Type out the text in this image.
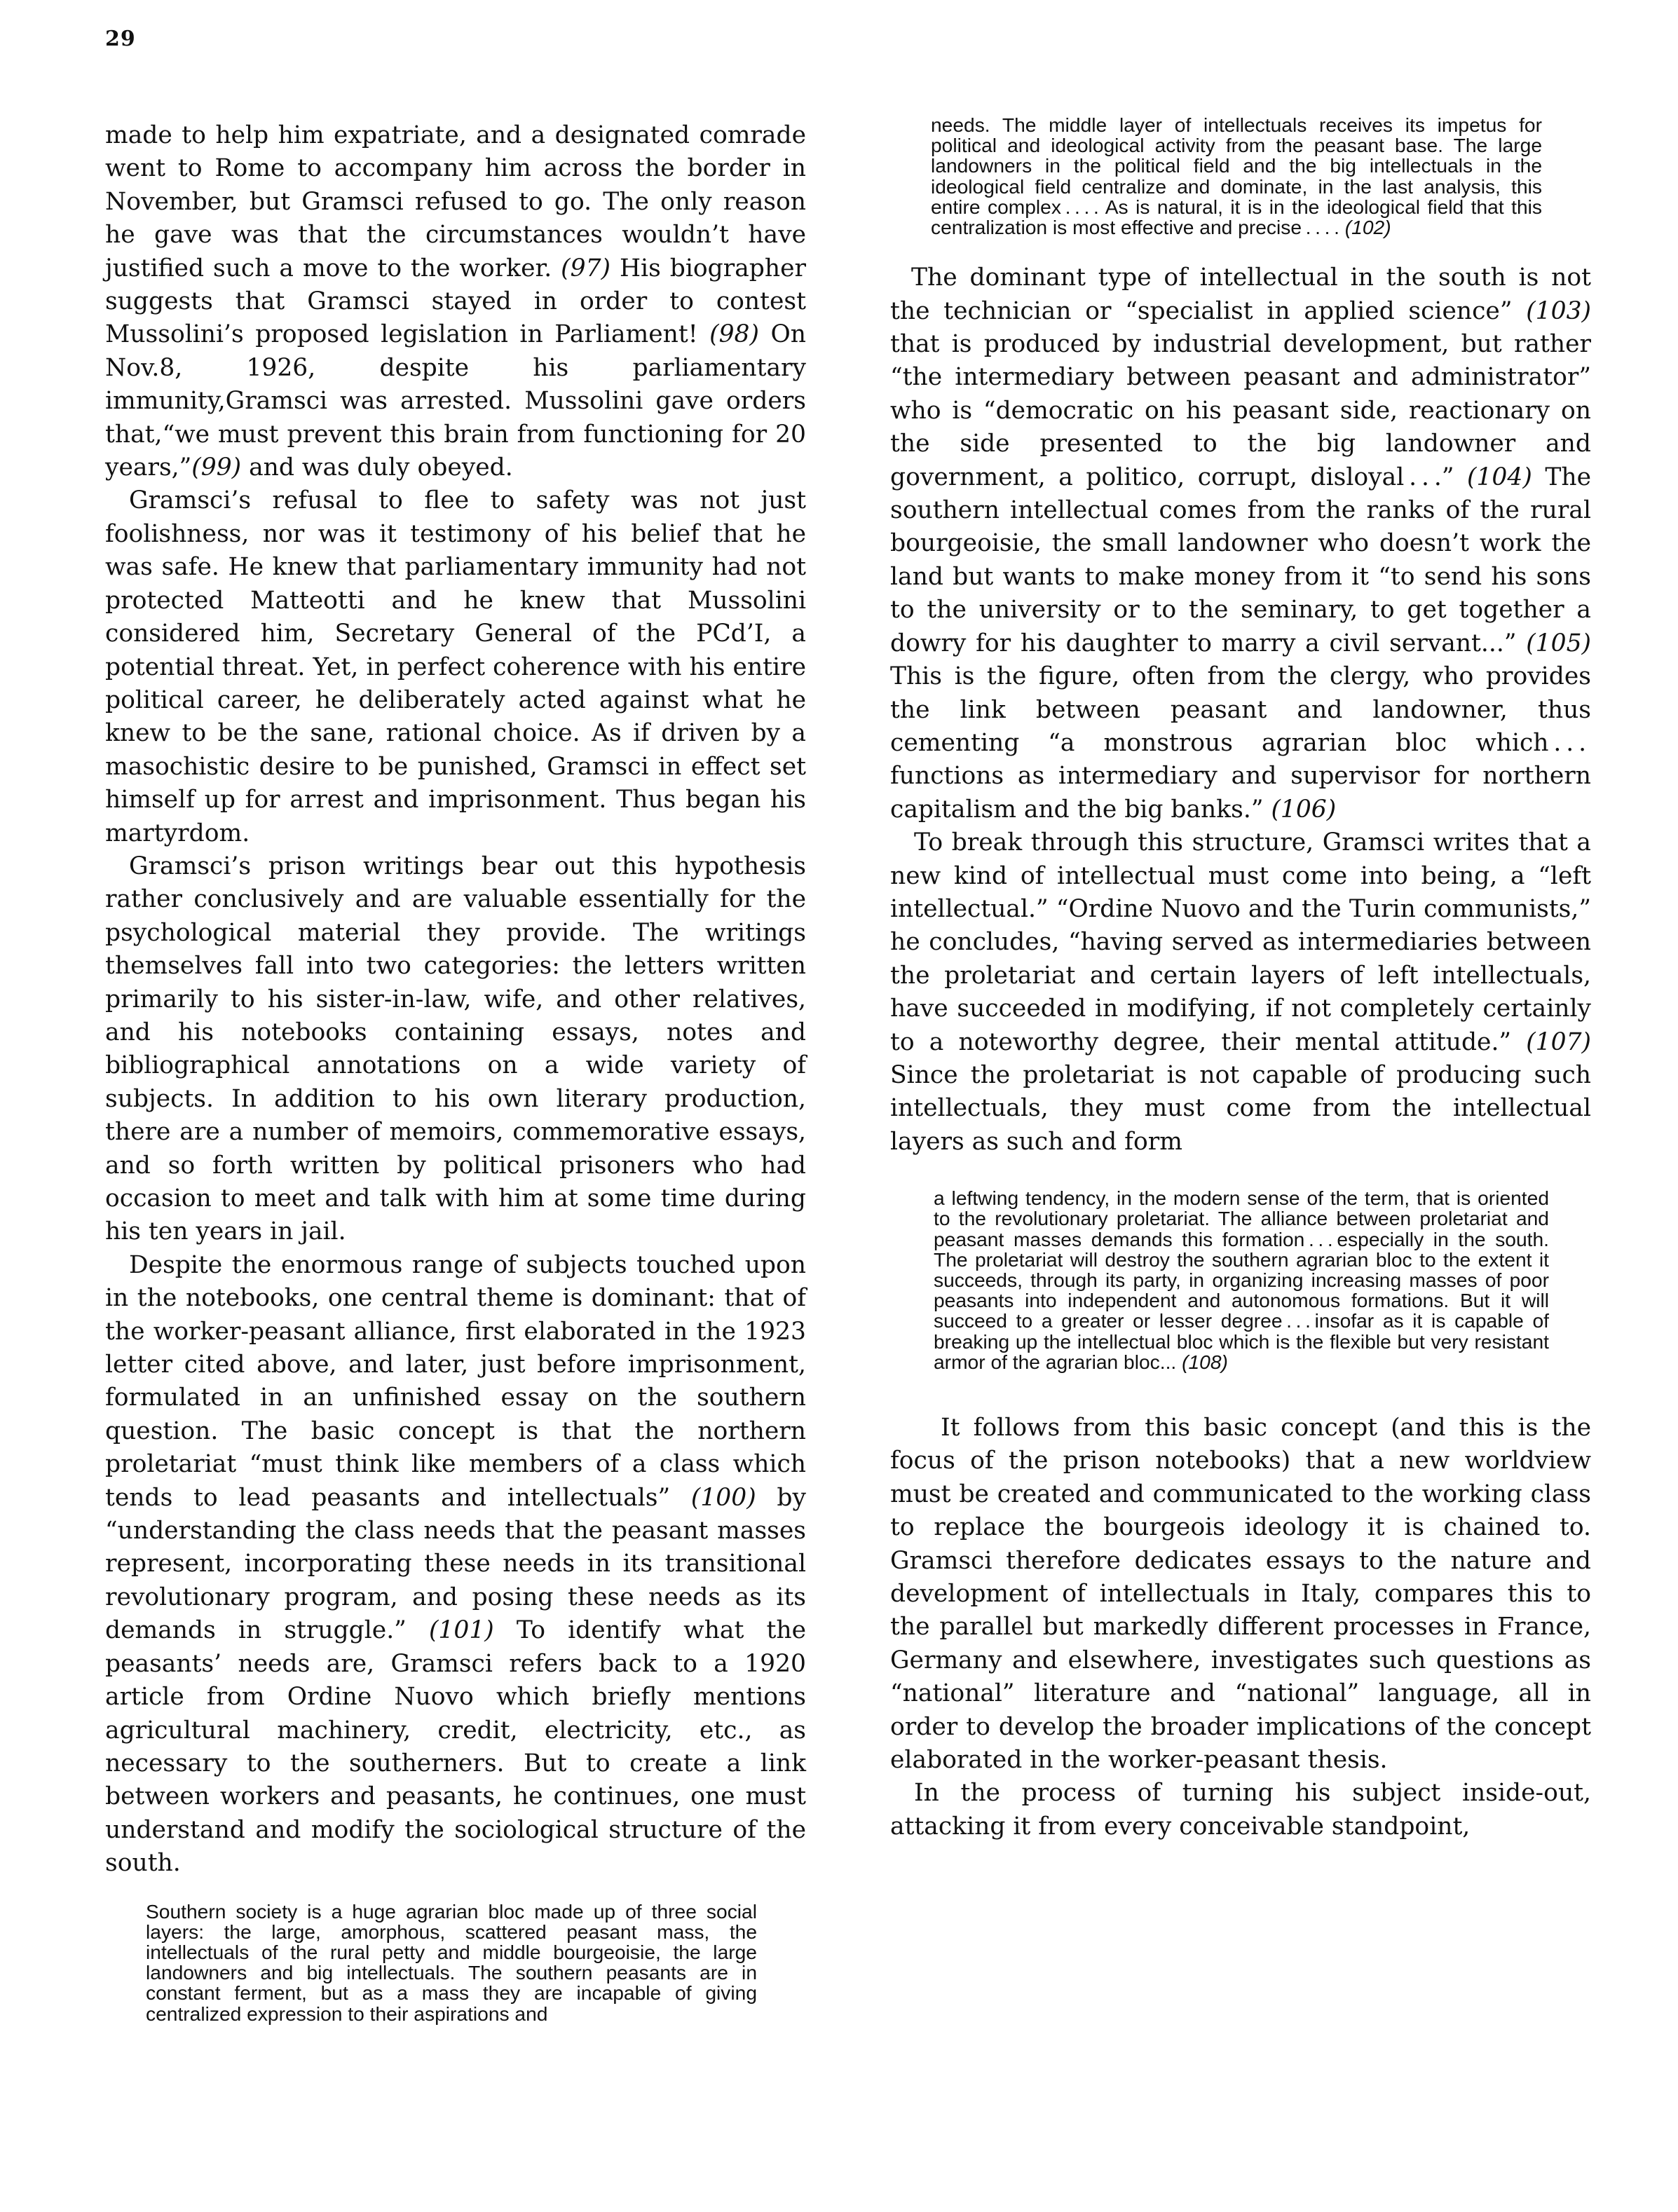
29

made to help him expatriate, and a designated comrade went to Rome to accompany him across the border in November, but Gramsci refused to go. The only reason he gave was that the circumstances wouldn’t have justified such a move to the worker. (97) His biographer suggests that Gramsci stayed in order to contest Mussolini’s proposed legislation in Parliament! (98) On Nov.8, 1926, despite his parliamentary immunity,Gramsci was arrested. Mussolini gave orders that,“we must prevent this brain from functioning for 20 years,”(99) and was duly obeyed.

Gramsci’s refusal to flee to safety was not just foolishness, nor was it testimony of his belief that he was safe. He knew that parliamentary immunity had not protected Matteotti and he knew that Mussolini considered him, Secretary General of the PCd’I, a potential threat. Yet, in perfect coherence with his entire political career, he deliberately acted against what he knew to be the sane, rational choice. As if driven by a masochistic desire to be punished, Gramsci in effect set himself up for arrest and imprisonment. Thus began his martyrdom.

Gramsci’s prison writings bear out this hypothesis rather conclusively and are valuable essentially for the psychological material they provide. The writings themselves fall into two categories: the letters written primarily to his sister-in-law, wife, and other relatives, and his notebooks containing essays, notes and bibliographical annotations on a wide variety of subjects. In addition to his own literary production, there are a number of memoirs, commemorative essays, and so forth written by political prisoners who had occasion to meet and talk with him at some time during his ten years in jail.

Despite the enormous range of subjects touched upon in the notebooks, one central theme is dominant: that of the worker-peasant alliance, first elaborated in the 1923 letter cited above, and later, just before imprisonment, formulated in an unfinished essay on the southern question. The basic concept is that the northern proletariat “must think like members of a class which tends to lead peasants and intellectuals” (100) by “understanding the class needs that the peasant masses represent, incorporating these needs in its transitional revolutionary program, and posing these needs as its demands in struggle.” (101) To identify what the peasants’ needs are, Gramsci refers back to a 1920 article from Ordine Nuovo which briefly mentions agricultural machinery, credit, electricity, etc., as necessary to the southerners. But to create a link between workers and peasants, he continues, one must understand and modify the sociological structure of the south.

Southern society is a huge agrarian bloc made up of three social layers: the large, amorphous, scattered peasant mass, the intellectuals of the rural petty and middle bourgeoisie, the large landowners and big intellectuals. The southern peasants are in constant ferment, but as a mass they are incapable of giving centralized expression to their aspirations and

needs. The middle layer of intellectuals receives its impetus for political and ideological activity from the peasant base. The large landowners in the political field and the big intellectuals in the ideological field centralize and dominate, in the last analysis, this entire complex . . . . As is natural, it is in the ideological field that this centralization is most effective and precise . . . . (102)

The dominant type of intellectual in the south is not the technician or “specialist in applied science” (103) that is produced by industrial development, but rather “the intermediary between peasant and administrator” who is “democratic on his peasant side, reactionary on the side presented to the big landowner and government, a politico, corrupt, disloyal . . .” (104) The southern intellectual comes from the ranks of the rural bourgeoisie, the small landowner who doesn’t work the land but wants to make money from it “to send his sons to the university or to the seminary, to get together a dowry for his daughter to marry a civil servant...” (105) This is the figure, often from the clergy, who provides the link between peasant and landowner, thus cementing “a monstrous agrarian bloc which . . . functions as intermediary and supervisor for northern capitalism and the big banks.” (106)

To break through this structure, Gramsci writes that a new kind of intellectual must come into being, a “left intellectual.” “Ordine Nuovo and the Turin communists,” he concludes, “having served as intermediaries between the proletariat and certain layers of left intellectuals, have succeeded in modifying, if not completely certainly to a noteworthy degree, their mental attitude.” (107) Since the proletariat is not capable of producing such intellectuals, they must come from the intellectual layers as such and form

a leftwing tendency, in the modern sense of the term, that is oriented to the revolutionary proletariat. The alliance between proletariat and peasant masses demands this formation . . . especially in the south. The proletariat will destroy the southern agrarian bloc to the extent it succeeds, through its party, in organizing increasing masses of poor peasants into independent and autonomous formations. But it will succeed to a greater or lesser degree . . . insofar as it is capable of breaking up the intellectual bloc which is the flexible but very resistant armor of the agrarian bloc... (108)

It follows from this basic concept (and this is the focus of the prison notebooks) that a new worldview must be created and communicated to the working class to replace the bourgeois ideology it is chained to. Gramsci therefore dedicates essays to the nature and development of intellectuals in Italy, compares this to the parallel but markedly different processes in France, Germany and elsewhere, investigates such questions as “national” literature and “national” language, all in order to develop the broader implications of the concept elaborated in the worker-peasant thesis.

In the process of turning his subject inside-out, attacking it from every conceivable standpoint,
